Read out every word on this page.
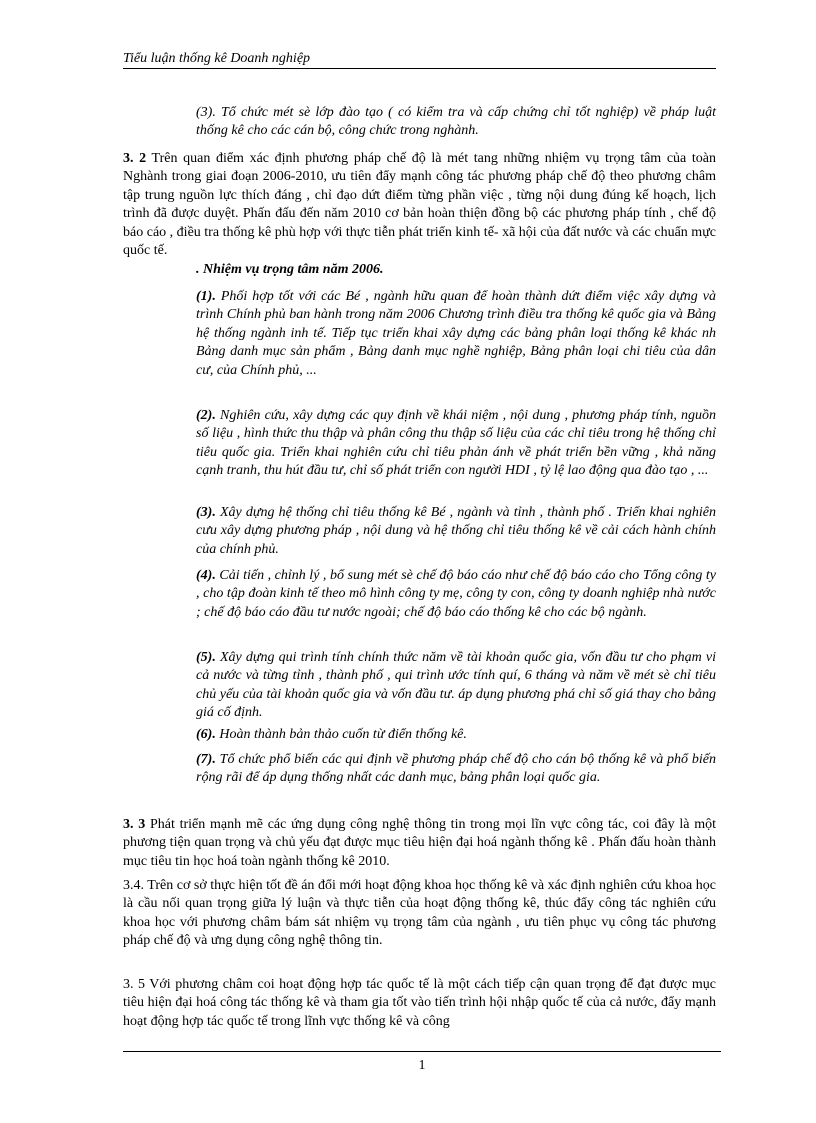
Tiểu luận thống kê Doanh nghiệp

(3). Tổ chức mét sè lớp đào tạo ( có kiểm tra và cấp chứng chỉ tốt nghiệp) về pháp luật thống kê cho các cán bộ, công chức trong nghành.

3. 2 Trên quan điểm xác định phương pháp chế độ là mét tang những nhiệm vụ trọng tâm của toàn Nghành trong giai đoạn 2006-2010, ưu tiên đẩy mạnh công tác phương pháp chế độ theo phương châm tập trung nguồn lực thích đáng , chỉ đạo dứt điểm từng phần việc , từng nội dung đúng kế hoạch, lịch trình đã được duyệt. Phấn đấu đến năm 2010 cơ bản hoàn thiện đồng bộ các phương pháp tính , chế độ báo cáo , điều tra thống kê phù hợp với thực tiễn phát triển kinh tế- xã hội của đất nước và các chuẩn mực quốc tế.

. Nhiệm vụ trọng tâm năm 2006.

(1). Phối hợp tốt với các Bé , ngành hữu quan để hoàn thành dứt điểm việc xây dựng và trình Chính phủ ban hành trong năm 2006 Chương trình điều tra thống kê quốc gia và Bảng hệ thống ngành inh tế. Tiếp tục triển khai xây dựng các bảng phân loại thống kê khác nh Bảng danh mục sản phẩm , Bảng danh mục nghề nghiệp, Bảng phân loại chi tiêu của dân cư, của Chính phủ, ...

(2). Nghiên cứu, xây dựng các quy định về khái niệm , nội dung , phương pháp tính, nguồn số liệu , hình thức thu thập và phân công thu thập số liệu của các chỉ tiêu trong hệ thống chỉ tiêu quốc gia. Triển khai nghiên cứu chỉ tiêu phản ánh về phát triển bền vững , khả năng cạnh tranh, thu hút đầu tư, chỉ số phát triển con người HDI , tỷ lệ lao động qua đào tạo , ...

(3). Xây dựng hệ thống chỉ tiêu thống kê Bé , ngành và tỉnh , thành phố . Triển khai nghiên cưu xây dựng phương pháp , nội dung và hệ thống chỉ tiêu thống kê về cải cách hành chính của chính phủ.

(4). Cải tiến , chỉnh lý , bổ sung mét sè chế độ báo cáo như chế độ báo cáo cho Tổng công ty , cho tập đoàn kinh tế theo mô hình công ty mẹ, công ty con, công ty doanh nghiệp nhà nước ; chế độ báo cáo đầu tư nước ngoài; chế độ báo cáo thống kê cho các bộ ngành.

(5). Xây dựng qui trình tính chính thức năm về tài khoản quốc gia, vốn đầu tư cho phạm vi cả nước và từng tỉnh , thành phố , qui trình ước tính quí, 6 tháng và năm về mét sè chỉ tiêu chủ yếu của tài khoản quốc gia và vốn đầu tư. áp dụng phương phá chỉ số giá thay cho bảng giá cố định.

(6). Hoàn thành bản thảo cuốn từ điển thống kê.

(7). Tổ chức phổ biến các qui định về phương pháp chế độ cho cán bộ thống kê và phổ biến rộng rãi để áp dụng thống nhất các danh mục, bảng phân loại quốc gia.

3. 3 Phát triển mạnh mẽ các ứng dụng công nghệ thông tin trong mọi lĩn vực công tác, coi đây là một phương tiện quan trọng và chủ yếu đạt được mục tiêu hiện đại hoá ngành thống kê . Phấn đấu hoàn thành mục tiêu tin học hoá toàn ngành thống kê 2010.

3.4. Trên cơ sở thực hiện tốt đề án đổi mới hoạt động khoa học thống kê và xác định nghiên cứu khoa học là cầu nối quan trọng giữa lý luận và thực tiễn của hoạt động thống kê, thúc đẩy công tác nghiên cứu khoa học với phương châm bám sát nhiệm vụ trọng tâm của ngành , ưu tiên phục vụ công tác phương pháp chế độ và ưng dụng công nghệ thông tin.

3. 5 Với phương châm coi hoạt động hợp tác quốc tế là một cách tiếp cận quan trọng để đạt được mục tiêu hiện đại hoá công tác thống kê và tham gia tốt vào tiến trình hội nhập quốc tế của cả nước, đẩy mạnh hoạt động hợp tác quốc tế trong lĩnh vực thống kê và công

1
